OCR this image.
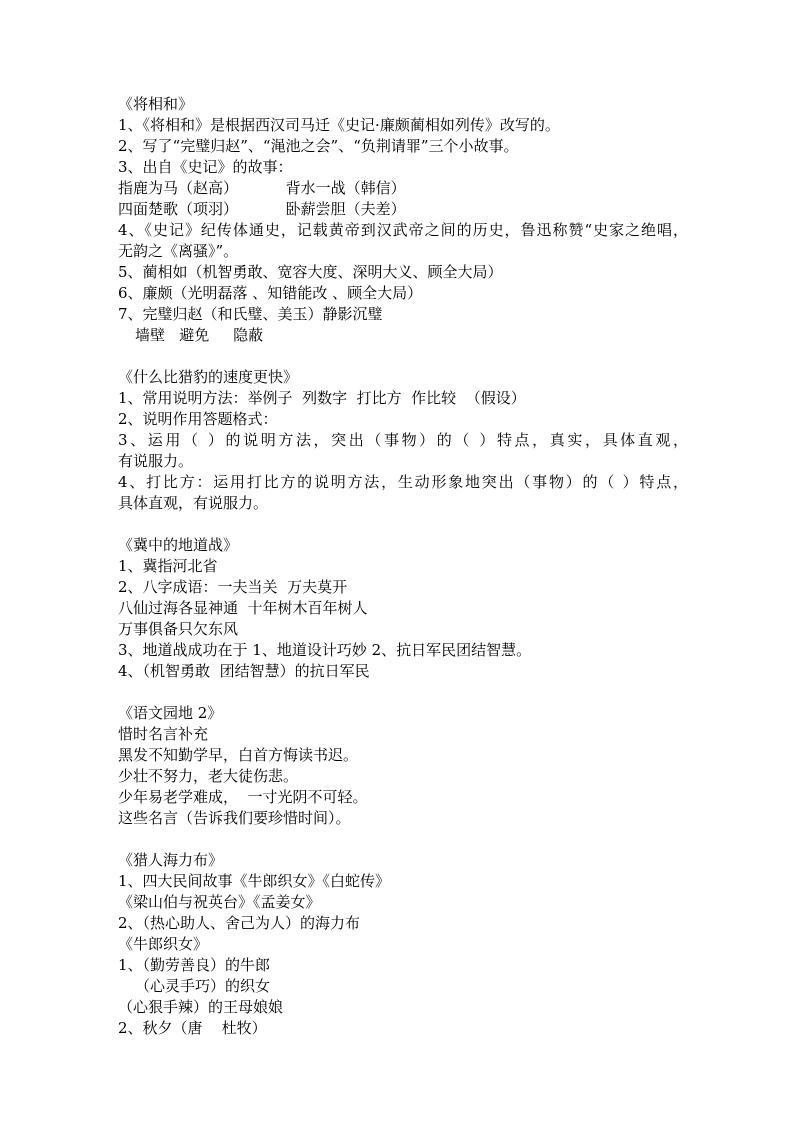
《将相和》
1、《将相和》是根据西汉司马迁《史记·廉颇蔺相如列传》改写的。
2、写了“完璧归赵”、“渑池之会”、“负荆请罪”三个小故事。
3、出自《史记》的故事：
指鹿为马（赵高）          背水一战（韩信）
四面楚歌（项羽）          卧薪尝胆（夫差）
4、《史记》纪传体通史，记载黄帝到汉武帝之间的历史，鲁迅称赞“史家之绝唱，
无韵之《离骚》”。
5、蔺相如（机智勇敢、宽容大度、深明大义、顾全大局）
6、廉颇（光明磊落 、知错能改 、顾全大局）
7、完璧归赵（和氏璧、美玉）静影沉璧
墙壁   避免     隐蔽
《什么比猎豹的速度更快》
1、常用说明方法：举例子  列数字  打比方  作比较  （假设）
2、说明作用答题格式：
3、运用（ ）的说明方法，突出（事物）的（ ）特点，真实，具体直观，
有说服力。
4、打比方：运用打比方的说明方法，生动形象地突出（事物）的（ ）特点，
具体直观，有说服力。
《冀中的地道战》
1、冀指河北省
2、八字成语：一夫当关  万夫莫开
八仙过海各显神通  十年树木百年树人
万事俱备只欠东风
3、地道战成功在于 1、地道设计巧妙 2、抗日军民团结智慧。
4、（机智勇敢  团结智慧）的抗日军民
《语文园地 2》
惜时名言补充
黑发不知勤学早，白首方悔读书迟。
少壮不努力，老大徒伤悲。
少年易老学难成，  一寸光阴不可轻。
这些名言（告诉我们要珍惜时间）。
《猎人海力布》
1、四大民间故事《牛郎织女》《白蛇传》
《梁山伯与祝英台》《孟姜女》
2、（热心助人、舍己为人）的海力布
《牛郎织女》
1、（勤劳善良）的牛郎
（心灵手巧）的织女
（心狠手辣）的王母娘娘
2、秋夕（唐    杜牧）
